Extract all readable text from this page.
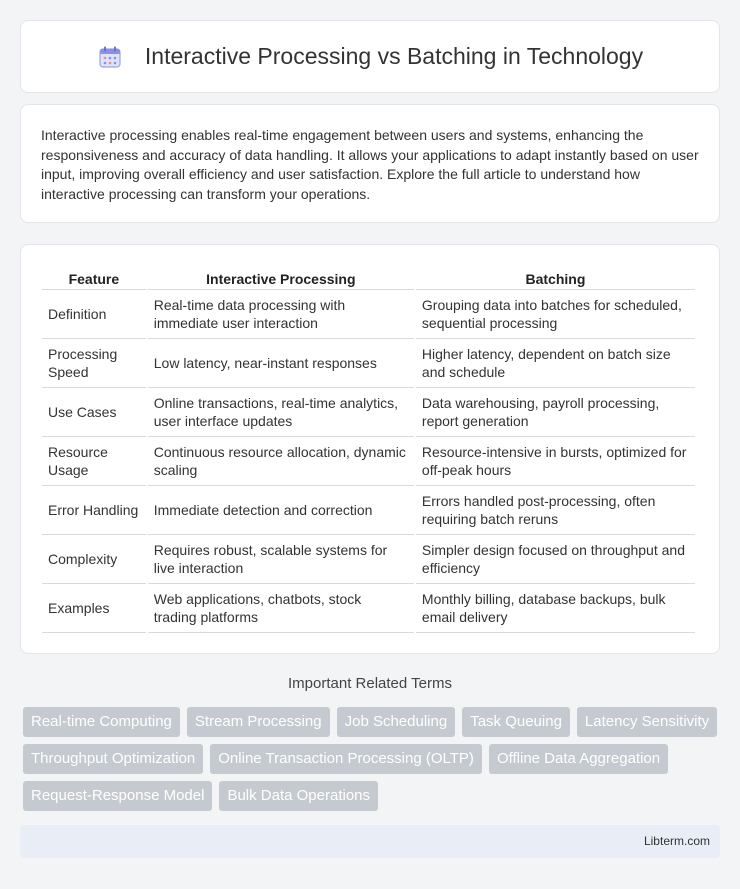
Interactive Processing vs Batching in Technology

Interactive processing enables real-time engagement between users and systems, enhancing the responsiveness and accuracy of data handling. It allows your applications to adapt instantly based on user input, improving overall efficiency and user satisfaction. Explore the full article to understand how interactive processing can transform your operations.

Feature	Interactive Processing	Batching
Definition	Real-time data processing with immediate user interaction	Grouping data into batches for scheduled, sequential processing
Processing Speed	Low latency, near-instant responses	Higher latency, dependent on batch size and schedule
Use Cases	Online transactions, real-time analytics, user interface updates	Data warehousing, payroll processing, report generation
Resource Usage	Continuous resource allocation, dynamic scaling	Resource-intensive in bursts, optimized for off-peak hours
Error Handling	Immediate detection and correction	Errors handled post-processing, often requiring batch reruns
Complexity	Requires robust, scalable systems for live interaction	Simpler design focused on throughput and efficiency
Examples	Web applications, chatbots, stock trading platforms	Monthly billing, database backups, bulk email delivery
Important Related Terms
Real-time Computing	Stream Processing	Job Scheduling	Task Queuing	Latency Sensitivity
Throughput Optimization	Online Transaction Processing (OLTP)	Offline Data Aggregation
Request-Response Model	Bulk Data Operations
Libterm.com
